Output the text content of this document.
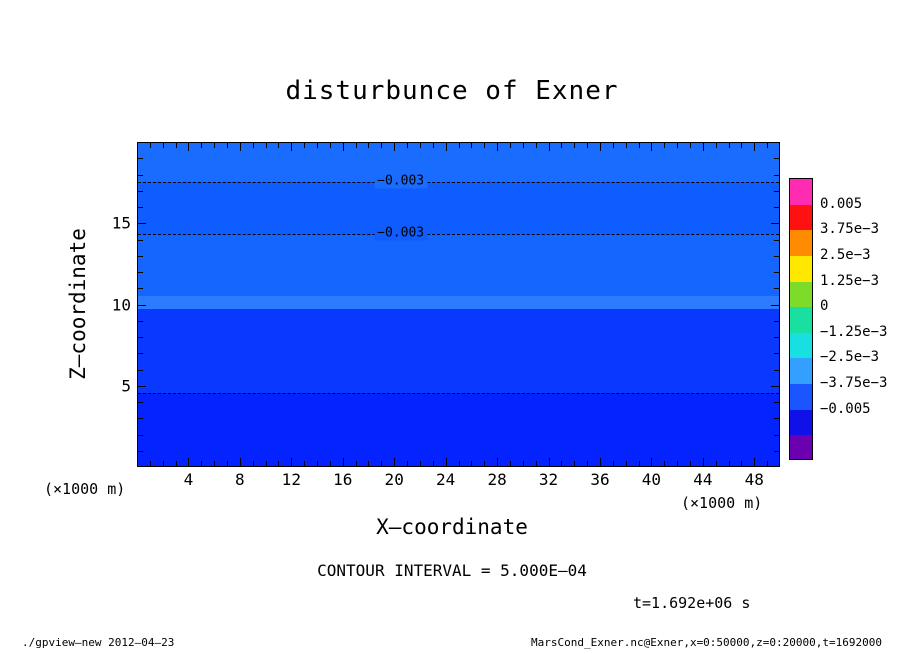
disturbunce of Exner
−0.003
−0.003
4	8 12 16 20 24 28 32 36 40 44 48
5
10
15
X—coordinate
Z—coordinate
(×1000 m)
(×1000 m)
CONTOUR INTERVAL = 5.000E‒04
t=1.692e+06 s
./gpview—new 2012‒04‒23	MarsCond_Exner.nc@Exner,x=0:50000,z=0:20000,t=1692000
0.005
3.75e−3
2.5e−3
1.25e−3
0
−1.25e−3
−2.5e−3
−3.75e−3
−0.005
